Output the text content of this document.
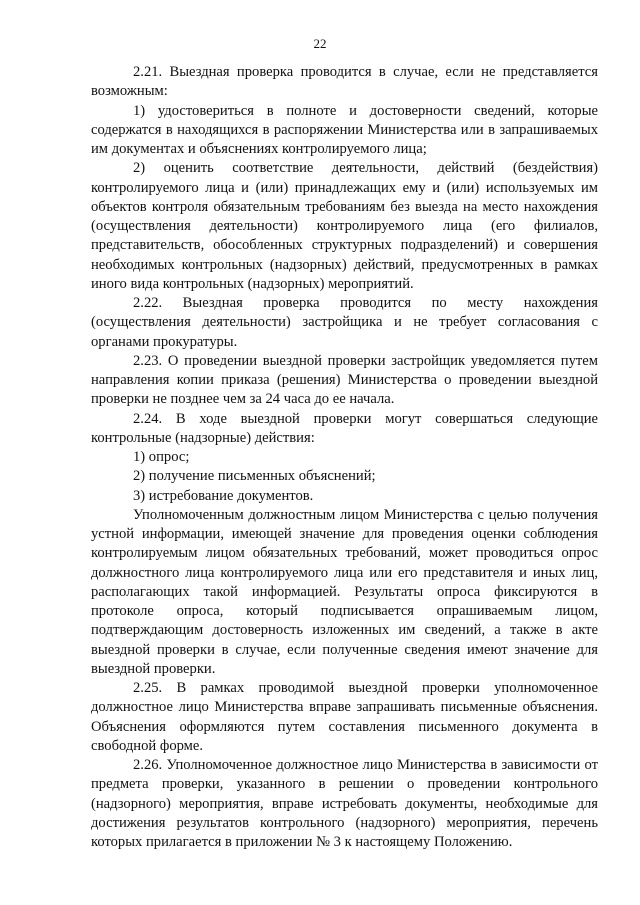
22

2.21. Выездная проверка проводится в случае, если не представляется возможным:

1) удостовериться в полноте и достоверности сведений, которые содержатся в находящихся в распоряжении Министерства или в запрашиваемых им документах и объяснениях контролируемого лица;

2) оценить соответствие деятельности, действий (бездействия) контролируемого лица и (или) принадлежащих ему и (или) используемых им объектов контроля обязательным требованиям без выезда на место нахождения (осуществления деятельности) контролируемого лица (его филиалов, представительств, обособленных структурных подразделений) и совершения необходимых контрольных (надзорных) действий, предусмотренных в рамках иного вида контрольных (надзорных) мероприятий.

2.22. Выездная проверка проводится по месту нахождения (осуществления деятельности) застройщика и не требует согласования с органами прокуратуры.

2.23. О проведении выездной проверки застройщик уведомляется путем направления копии приказа (решения) Министерства о проведении выездной проверки не позднее чем за 24 часа до ее начала.

2.24. В ходе выездной проверки могут совершаться следующие контрольные (надзорные) действия:

1) опрос;

2) получение письменных объяснений;

3) истребование документов.

Уполномоченным должностным лицом Министерства с целью получения устной информации, имеющей значение для проведения оценки соблюдения контролируемым лицом обязательных требований, может проводиться опрос должностного лица контролируемого лица или его представителя и иных лиц, располагающих такой информацией. Результаты опроса фиксируются в протоколе опроса, который подписывается опрашиваемым лицом, подтверждающим достоверность изложенных им сведений, а также в акте выездной проверки в случае, если полученные сведения имеют значение для выездной проверки.

2.25. В рамках проводимой выездной проверки уполномоченное должностное лицо Министерства вправе запрашивать письменные объяснения. Объяснения оформляются путем составления письменного документа в свободной форме.

2.26. Уполномоченное должностное лицо Министерства в зависимости от предмета проверки, указанного в решении о проведении контрольного (надзорного) мероприятия, вправе истребовать документы, необходимые для достижения результатов контрольного (надзорного) мероприятия, перечень которых прилагается в приложении № 3 к настоящему Положению.
